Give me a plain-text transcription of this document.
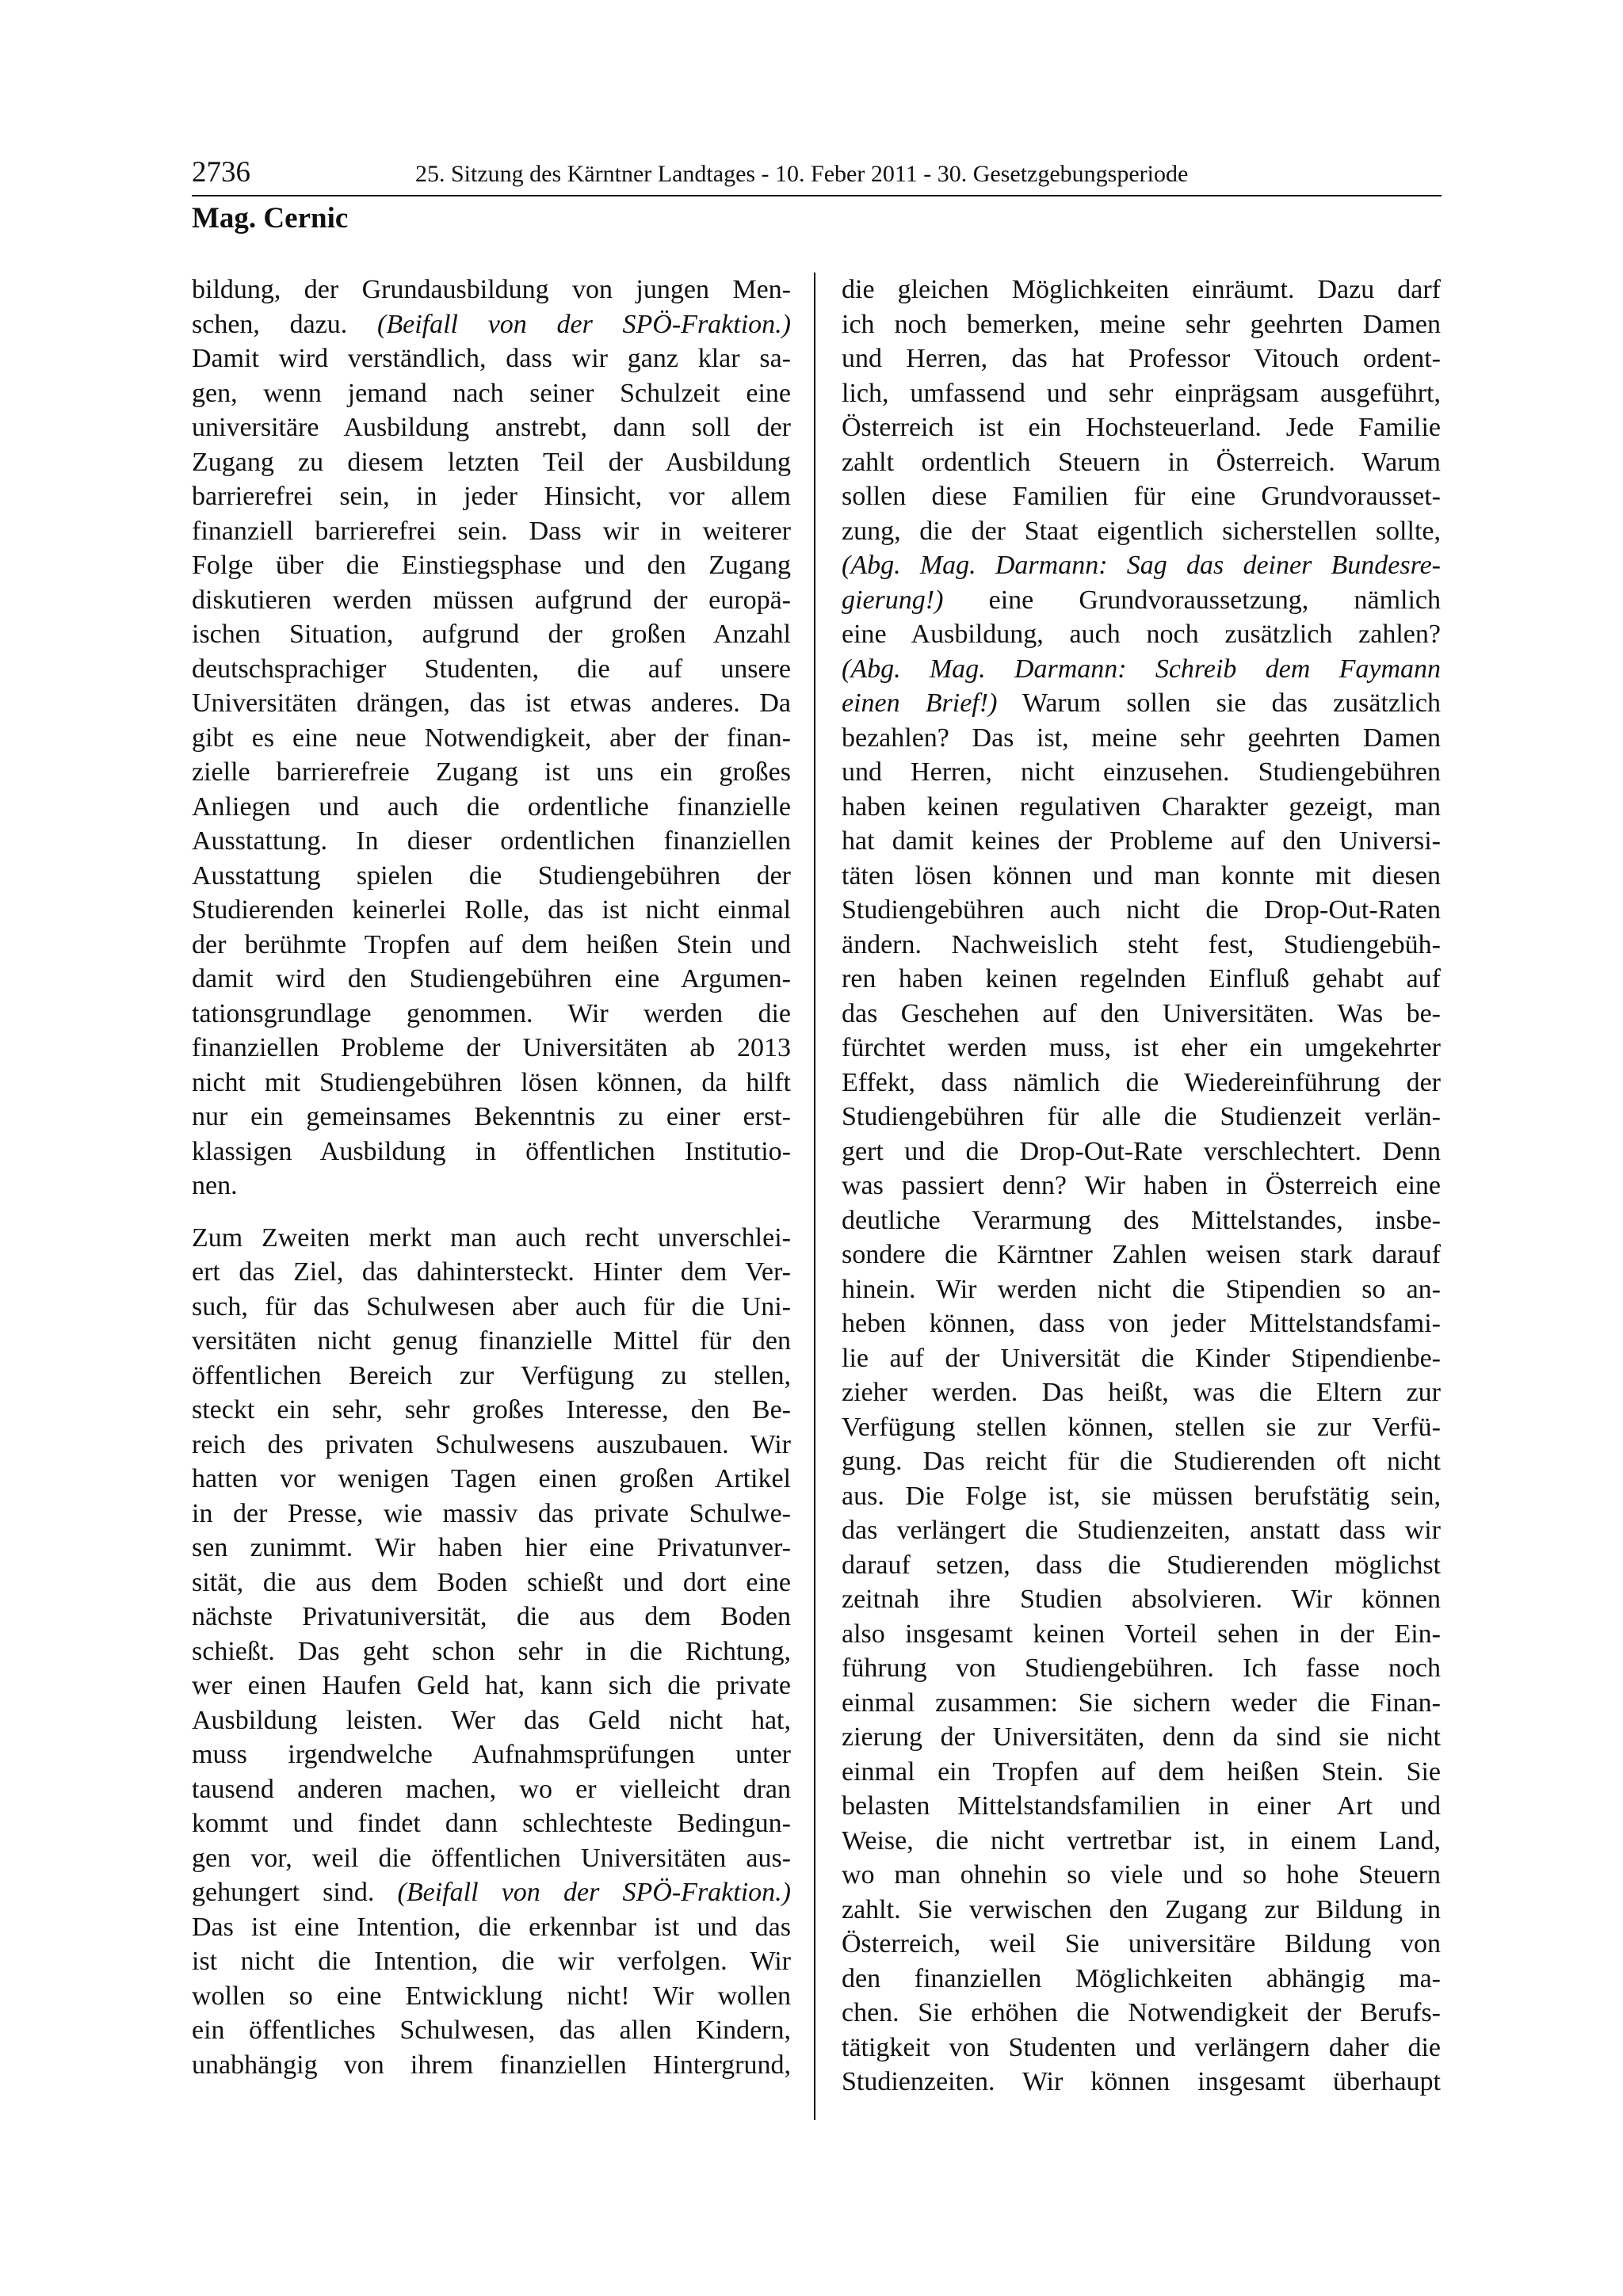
2736	25. Sitzung des Kärntner Landtages - 10. Feber 2011 - 30. Gesetzgebungsperiode
Mag. Cernic
bildung, der Grundausbildung von jungen Men-
schen, dazu. (Beifall von der SPÖ-Fraktion.)
Damit wird verständlich, dass wir ganz klar sa-
gen, wenn jemand nach seiner Schulzeit eine
universitäre Ausbildung anstrebt, dann soll der
Zugang zu diesem letzten Teil der Ausbildung
barrierefrei sein, in jeder Hinsicht, vor allem
finanziell barrierefrei sein. Dass wir in weiterer
Folge über die Einstiegsphase und den Zugang
diskutieren werden müssen aufgrund der europä-
ischen Situation, aufgrund der großen Anzahl
deutschsprachiger Studenten, die auf unsere
Universitäten drängen, das ist etwas anderes. Da
gibt es eine neue Notwendigkeit, aber der finan-
zielle barrierefreie Zugang ist uns ein großes
Anliegen und auch die ordentliche finanzielle
Ausstattung. In dieser ordentlichen finanziellen
Ausstattung spielen die Studiengebühren der
Studierenden keinerlei Rolle, das ist nicht einmal
der berühmte Tropfen auf dem heißen Stein und
damit wird den Studiengebühren eine Argumen-
tationsgrundlage genommen. Wir werden die
finanziellen Probleme der Universitäten ab 2013
nicht mit Studiengebühren lösen können, da hilft
nur ein gemeinsames Bekenntnis zu einer erst-
klassigen Ausbildung in öffentlichen Institutio-
nen.
Zum Zweiten merkt man auch recht unverschlei-
ert das Ziel, das dahintersteckt. Hinter dem Ver-
such, für das Schulwesen aber auch für die Uni-
versitäten nicht genug finanzielle Mittel für den
öffentlichen Bereich zur Verfügung zu stellen,
steckt ein sehr, sehr großes Interesse, den Be-
reich des privaten Schulwesens auszubauen. Wir
hatten vor wenigen Tagen einen großen Artikel
in der Presse, wie massiv das private Schulwe-
sen zunimmt. Wir haben hier eine Privatunver-
sität, die aus dem Boden schießt und dort eine
nächste Privatuniversität, die aus dem Boden
schießt. Das geht schon sehr in die Richtung,
wer einen Haufen Geld hat, kann sich die private
Ausbildung leisten. Wer das Geld nicht hat,
muss irgendwelche Aufnahmsprüfungen unter
tausend anderen machen, wo er vielleicht dran
kommt und findet dann schlechteste Bedingun-
gen vor, weil die öffentlichen Universitäten aus-
gehungert sind. (Beifall von der SPÖ-Fraktion.)
Das ist eine Intention, die erkennbar ist und das
ist nicht die Intention, die wir verfolgen. Wir
wollen so eine Entwicklung nicht! Wir wollen
ein öffentliches Schulwesen, das allen Kindern,
unabhängig von ihrem finanziellen Hintergrund,
die gleichen Möglichkeiten einräumt. Dazu darf
ich noch bemerken, meine sehr geehrten Damen
und Herren, das hat Professor Vitouch ordent-
lich, umfassend und sehr einprägsam ausgeführt,
Österreich ist ein Hochsteuerland. Jede Familie
zahlt ordentlich Steuern in Österreich. Warum
sollen diese Familien für eine Grundvorausset-
zung, die der Staat eigentlich sicherstellen sollte,
(Abg. Mag. Darmann: Sag das deiner Bundesre-
gierung!) eine Grundvoraussetzung, nämlich
eine Ausbildung, auch noch zusätzlich zahlen?
(Abg. Mag. Darmann: Schreib dem Faymann
einen Brief!) Warum sollen sie das zusätzlich
bezahlen? Das ist, meine sehr geehrten Damen
und Herren, nicht einzusehen. Studiengebühren
haben keinen regulativen Charakter gezeigt, man
hat damit keines der Probleme auf den Universi-
täten lösen können und man konnte mit diesen
Studiengebühren auch nicht die Drop-Out-Raten
ändern. Nachweislich steht fest, Studiengebüh-
ren haben keinen regelnden Einfluß gehabt auf
das Geschehen auf den Universitäten. Was be-
fürchtet werden muss, ist eher ein umgekehrter
Effekt, dass nämlich die Wiedereinführung der
Studiengebühren für alle die Studienzeit verlän-
gert und die Drop-Out-Rate verschlechtert. Denn
was passiert denn? Wir haben in Österreich eine
deutliche Verarmung des Mittelstandes, insbe-
sondere die Kärntner Zahlen weisen stark darauf
hinein. Wir werden nicht die Stipendien so an-
heben können, dass von jeder Mittelstandsfami-
lie auf der Universität die Kinder Stipendienbe-
zieher werden. Das heißt, was die Eltern zur
Verfügung stellen können, stellen sie zur Verfü-
gung. Das reicht für die Studierenden oft nicht
aus. Die Folge ist, sie müssen berufstätig sein,
das verlängert die Studienzeiten, anstatt dass wir
darauf setzen, dass die Studierenden möglichst
zeitnah ihre Studien absolvieren. Wir können
also insgesamt keinen Vorteil sehen in der Ein-
führung von Studiengebühren. Ich fasse noch
einmal zusammen: Sie sichern weder die Finan-
zierung der Universitäten, denn da sind sie nicht
einmal ein Tropfen auf dem heißen Stein. Sie
belasten Mittelstandsfamilien in einer Art und
Weise, die nicht vertretbar ist, in einem Land,
wo man ohnehin so viele und so hohe Steuern
zahlt. Sie verwischen den Zugang zur Bildung in
Österreich, weil Sie universitäre Bildung von
den finanziellen Möglichkeiten abhängig ma-
chen. Sie erhöhen die Notwendigkeit der Berufs-
tätigkeit von Studenten und verlängern daher die
Studienzeiten. Wir können insgesamt überhaupt
